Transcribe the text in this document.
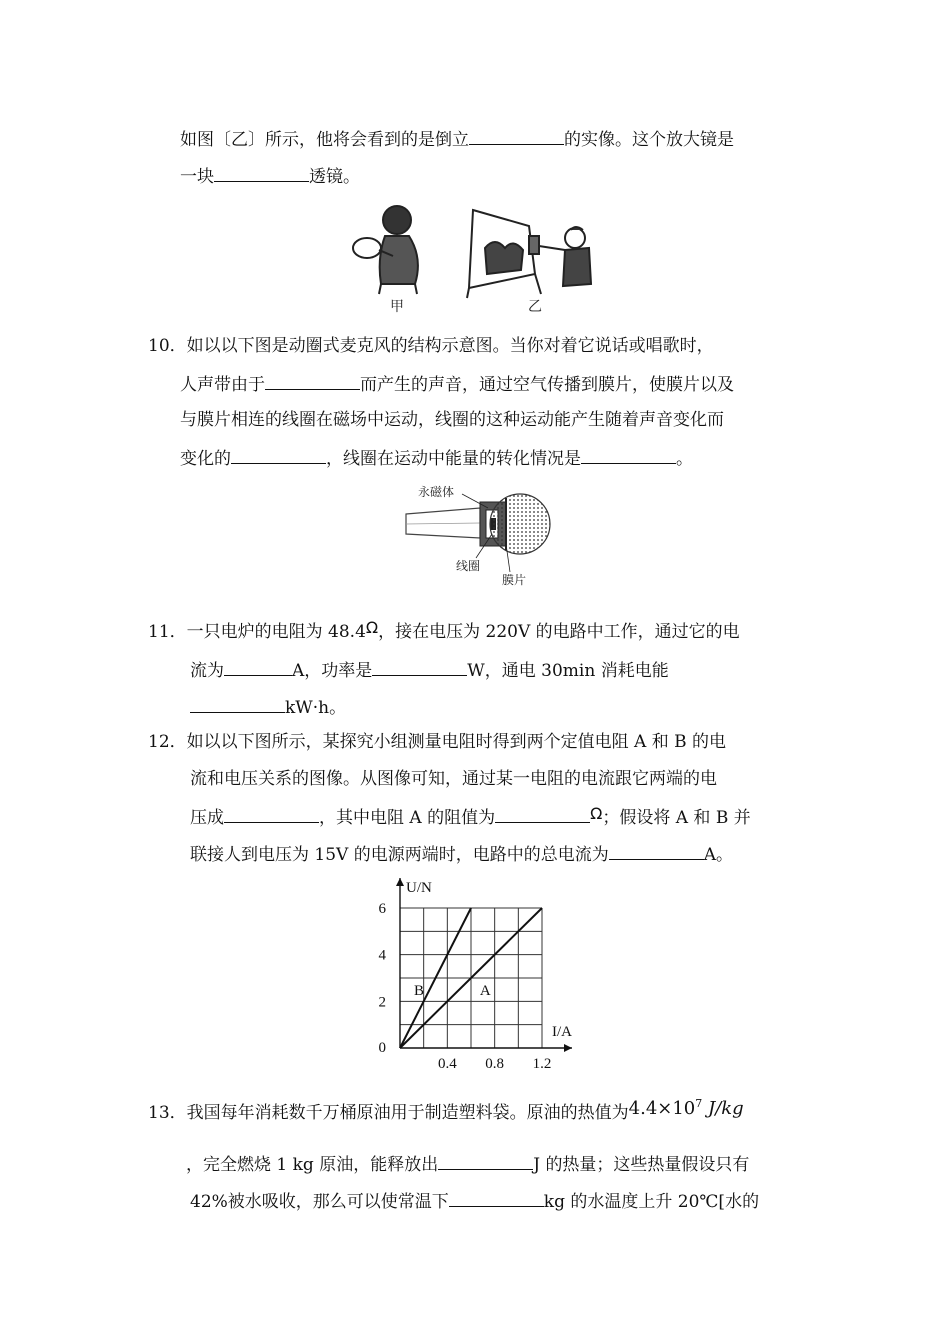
如图〔乙〕所示，他将会看到的是倒立	的实像。这个放大镜是
一块	透镜。
甲	乙
10．如以以下图是动圈式麦克风的结构示意图。当你对着它说话或唱歌时，
人声带由于	而产生的声音，通过空气传播到膜片，使膜片以及
与膜片相连的线圈在磁场中运动，线圈的这种运动能产生随着声音变化而
变化的	，线圈在运动中能量的转化情况是	。
永磁体
线圈
膜片
11．一只电炉的电阻为 48.4Ω，接在电压为 220V 的电路中工作，通过它的电
流为	A，功率是	W，通电 30min 消耗电能
kW·h。
12．如以以下图所示，某探究小组测量电阻时得到两个定值电阻 A 和 B 的电
流和电压关系的图像。从图像可知，通过某一电阻的电流跟它两端的电
压成	，其中电阻 A 的阻值为	Ω；假设将 A 和 B 并
联接人到电压为 15V 的电源两端时，电路中的总电流为	A。
B	A
0.4 0.8 1.2
2
4
6
0
I/A
U/N
13．我国每年消耗数千万桶原油用于制造塑料袋。原油的热值为$4.4\times 10^7$ J/kg
，完全燃烧 1 kg 原油，能释放出	J 的热量；这些热量假设只有
42%被水吸收，那么可以使常温下	kg 的水温度上升 20℃[水的
